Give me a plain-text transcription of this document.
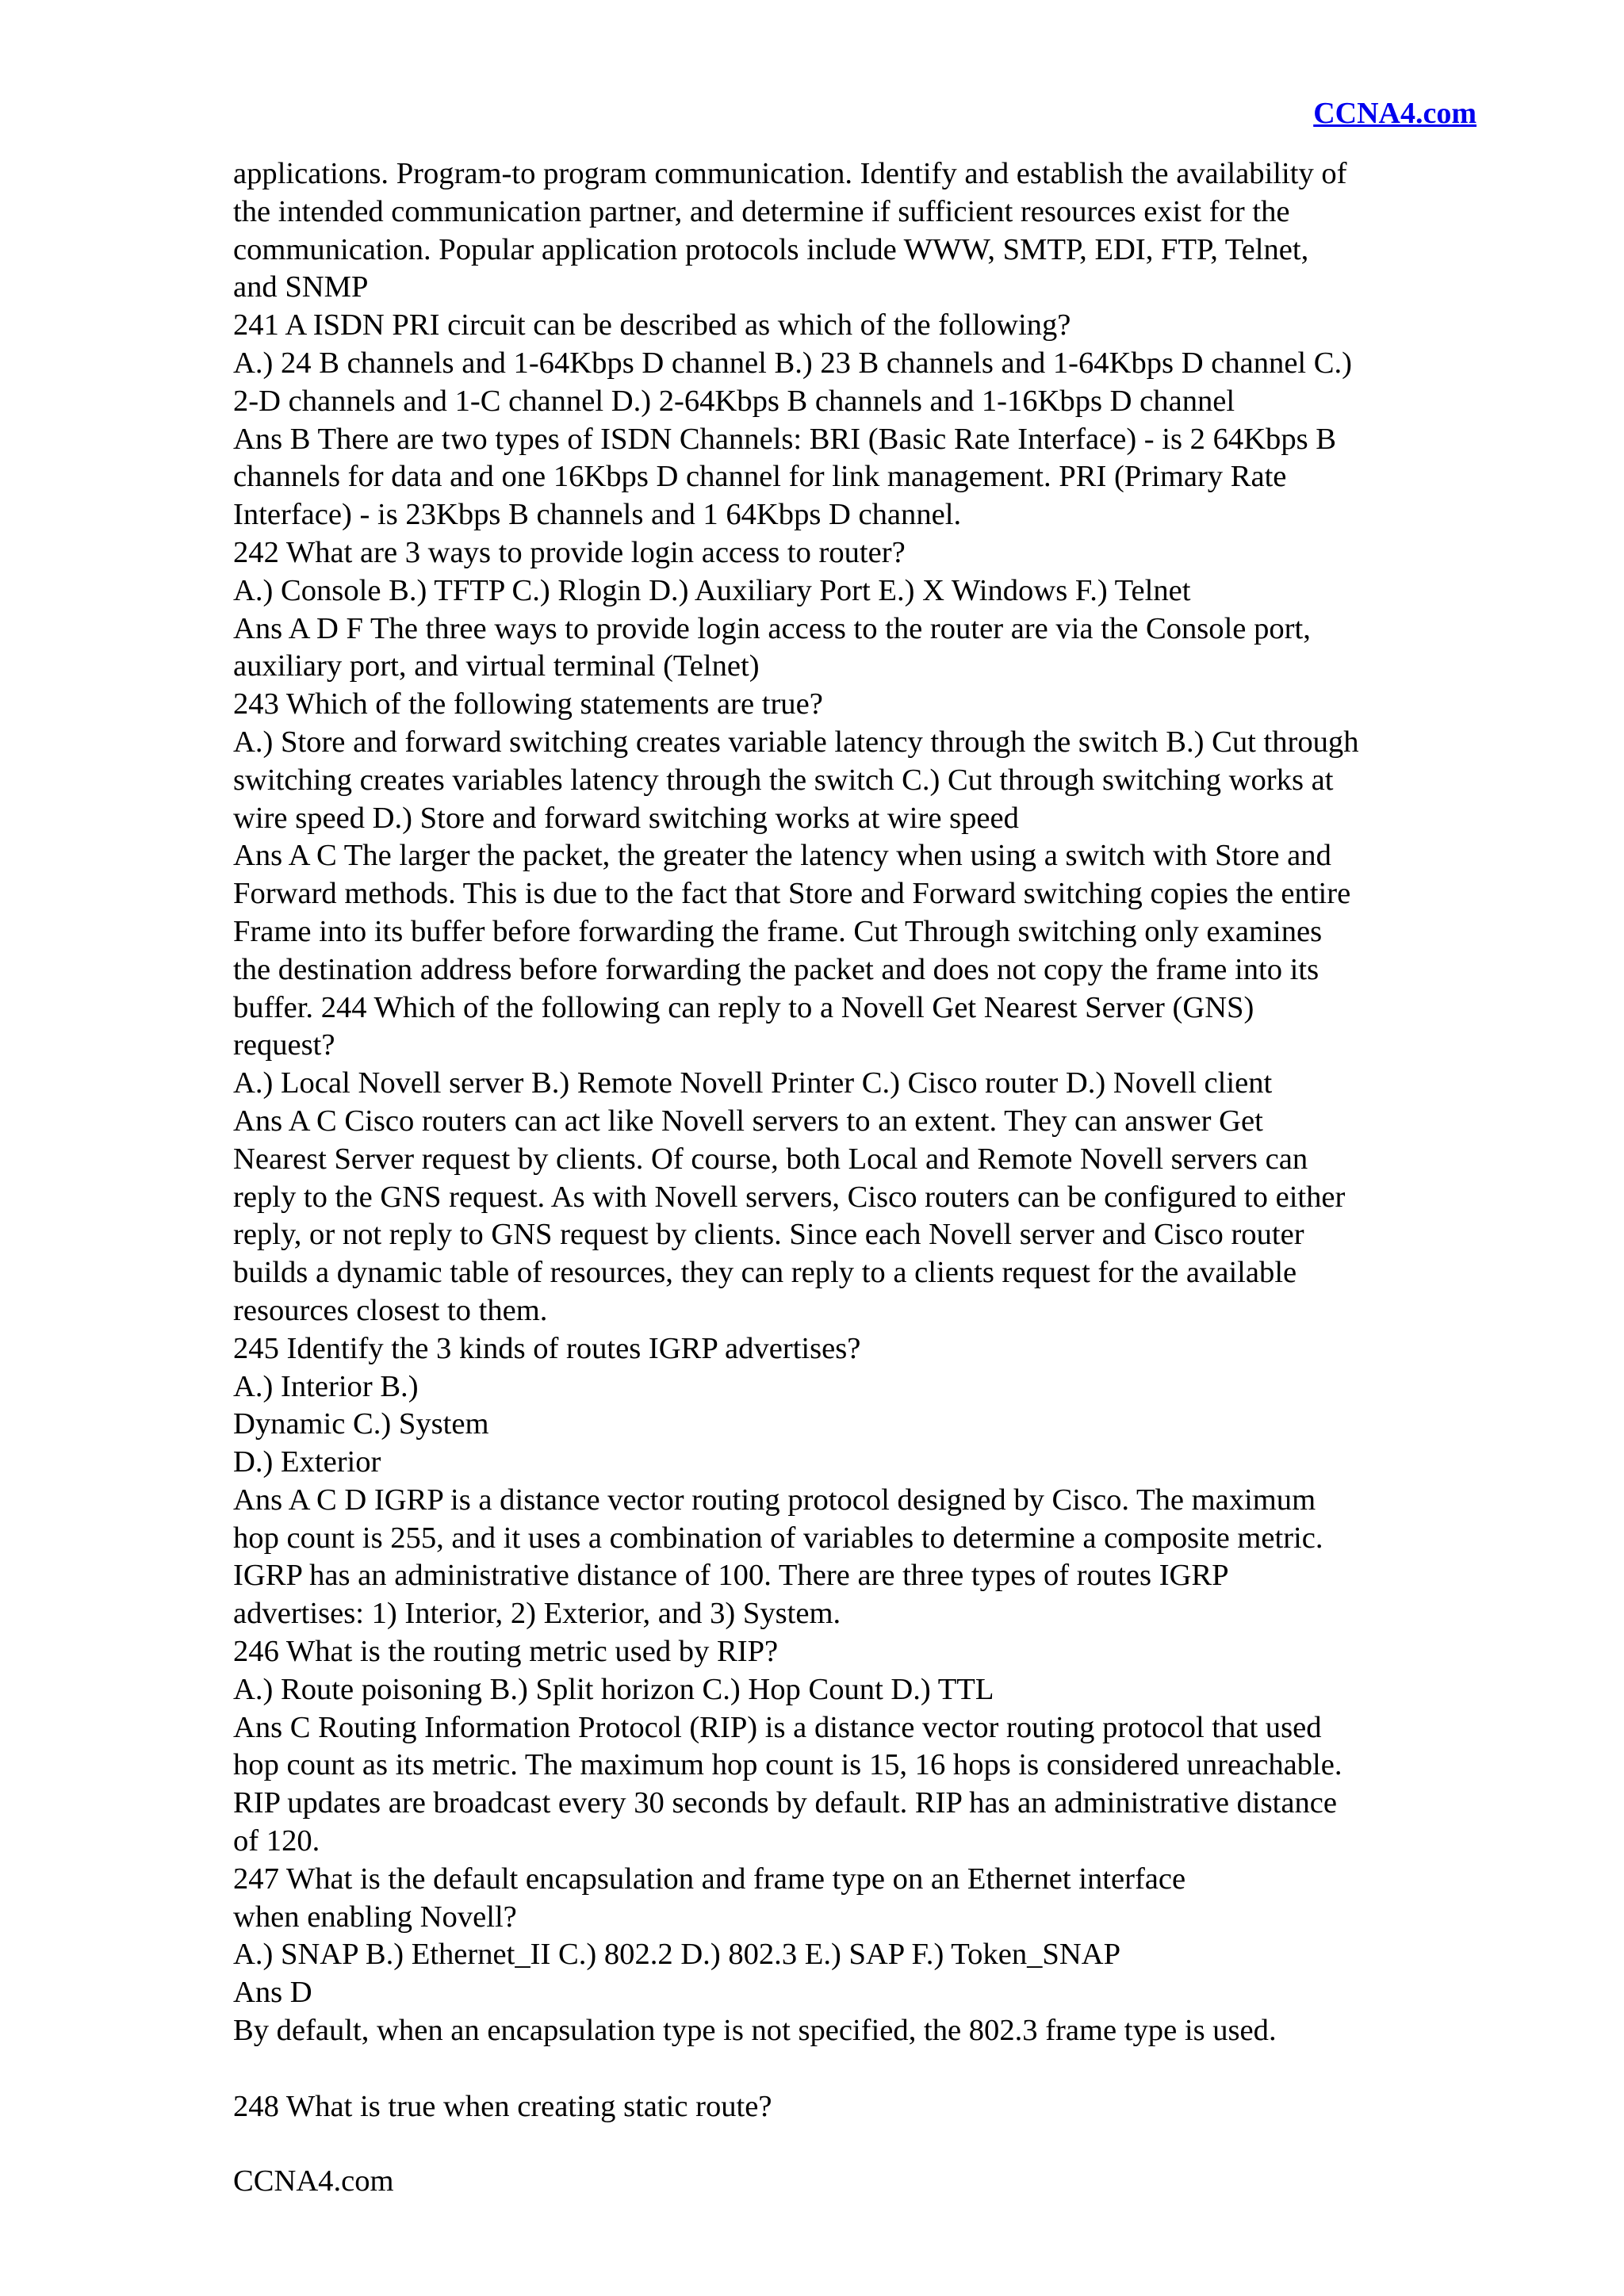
CCNA4.com
applications. Program-to program communication. Identify and establish the availability of
the intended communication partner, and determine if sufficient resources exist for the
communication. Popular application protocols include WWW, SMTP, EDI, FTP, Telnet,
and SNMP
241 A ISDN PRI circuit can be described as which of the following?
A.) 24 B channels and 1-64Kbps D channel B.) 23 B channels and 1-64Kbps D channel C.)
2-D channels and 1-C channel D.) 2-64Kbps B channels and 1-16Kbps D channel
Ans B There are two types of ISDN Channels: BRI (Basic Rate Interface) - is 2 64Kbps B
channels for data and one 16Kbps D channel for link management. PRI (Primary Rate
Interface) - is 23Kbps B channels and 1 64Kbps D channel.
242 What are 3 ways to provide login access to router?
A.) Console B.) TFTP C.) Rlogin D.) Auxiliary Port E.) X Windows F.) Telnet
Ans A D F The three ways to provide login access to the router are via the Console port,
auxiliary port, and virtual terminal (Telnet)
243 Which of the following statements are true?
A.) Store and forward switching creates variable latency through the switch B.) Cut through
switching creates variables latency through the switch C.) Cut through switching works at
wire speed D.) Store and forward switching works at wire speed
Ans A C The larger the packet, the greater the latency when using a switch with Store and
Forward methods. This is due to the fact that Store and Forward switching copies the entire
Frame into its buffer before forwarding the frame. Cut Through switching only examines
the destination address before forwarding the packet and does not copy the frame into its
buffer. 244 Which of the following can reply to a Novell Get Nearest Server (GNS)
request?
A.) Local Novell server B.) Remote Novell Printer C.) Cisco router D.) Novell client
Ans A C Cisco routers can act like Novell servers to an extent. They can answer Get
Nearest Server request by clients. Of course, both Local and Remote Novell servers can
reply to the GNS request. As with Novell servers, Cisco routers can be configured to either
reply, or not reply to GNS request by clients. Since each Novell server and Cisco router
builds a dynamic table of resources, they can reply to a clients request for the available
resources closest to them.
245 Identify the 3 kinds of routes IGRP advertises?
A.) Interior B.)
Dynamic C.) System
D.) Exterior
Ans A C D IGRP is a distance vector routing protocol designed by Cisco. The maximum
hop count is 255, and it uses a combination of variables to determine a composite metric.
IGRP has an administrative distance of 100. There are three types of routes IGRP
advertises: 1) Interior, 2) Exterior, and 3) System.
246 What is the routing metric used by RIP?
A.) Route poisoning B.) Split horizon C.) Hop Count D.) TTL
Ans C Routing Information Protocol (RIP) is a distance vector routing protocol that used
hop count as its metric. The maximum hop count is 15, 16 hops is considered unreachable.
RIP updates are broadcast every 30 seconds by default. RIP has an administrative distance
of 120.
247 What is the default encapsulation and frame type on an Ethernet interface
when enabling Novell?
A.) SNAP B.) Ethernet_II C.) 802.2 D.) 802.3 E.) SAP F.) Token_SNAP
Ans D
By default, when an encapsulation type is not specified, the 802.3 frame type is used.
248 What is true when creating static route?
CCNA4.com
